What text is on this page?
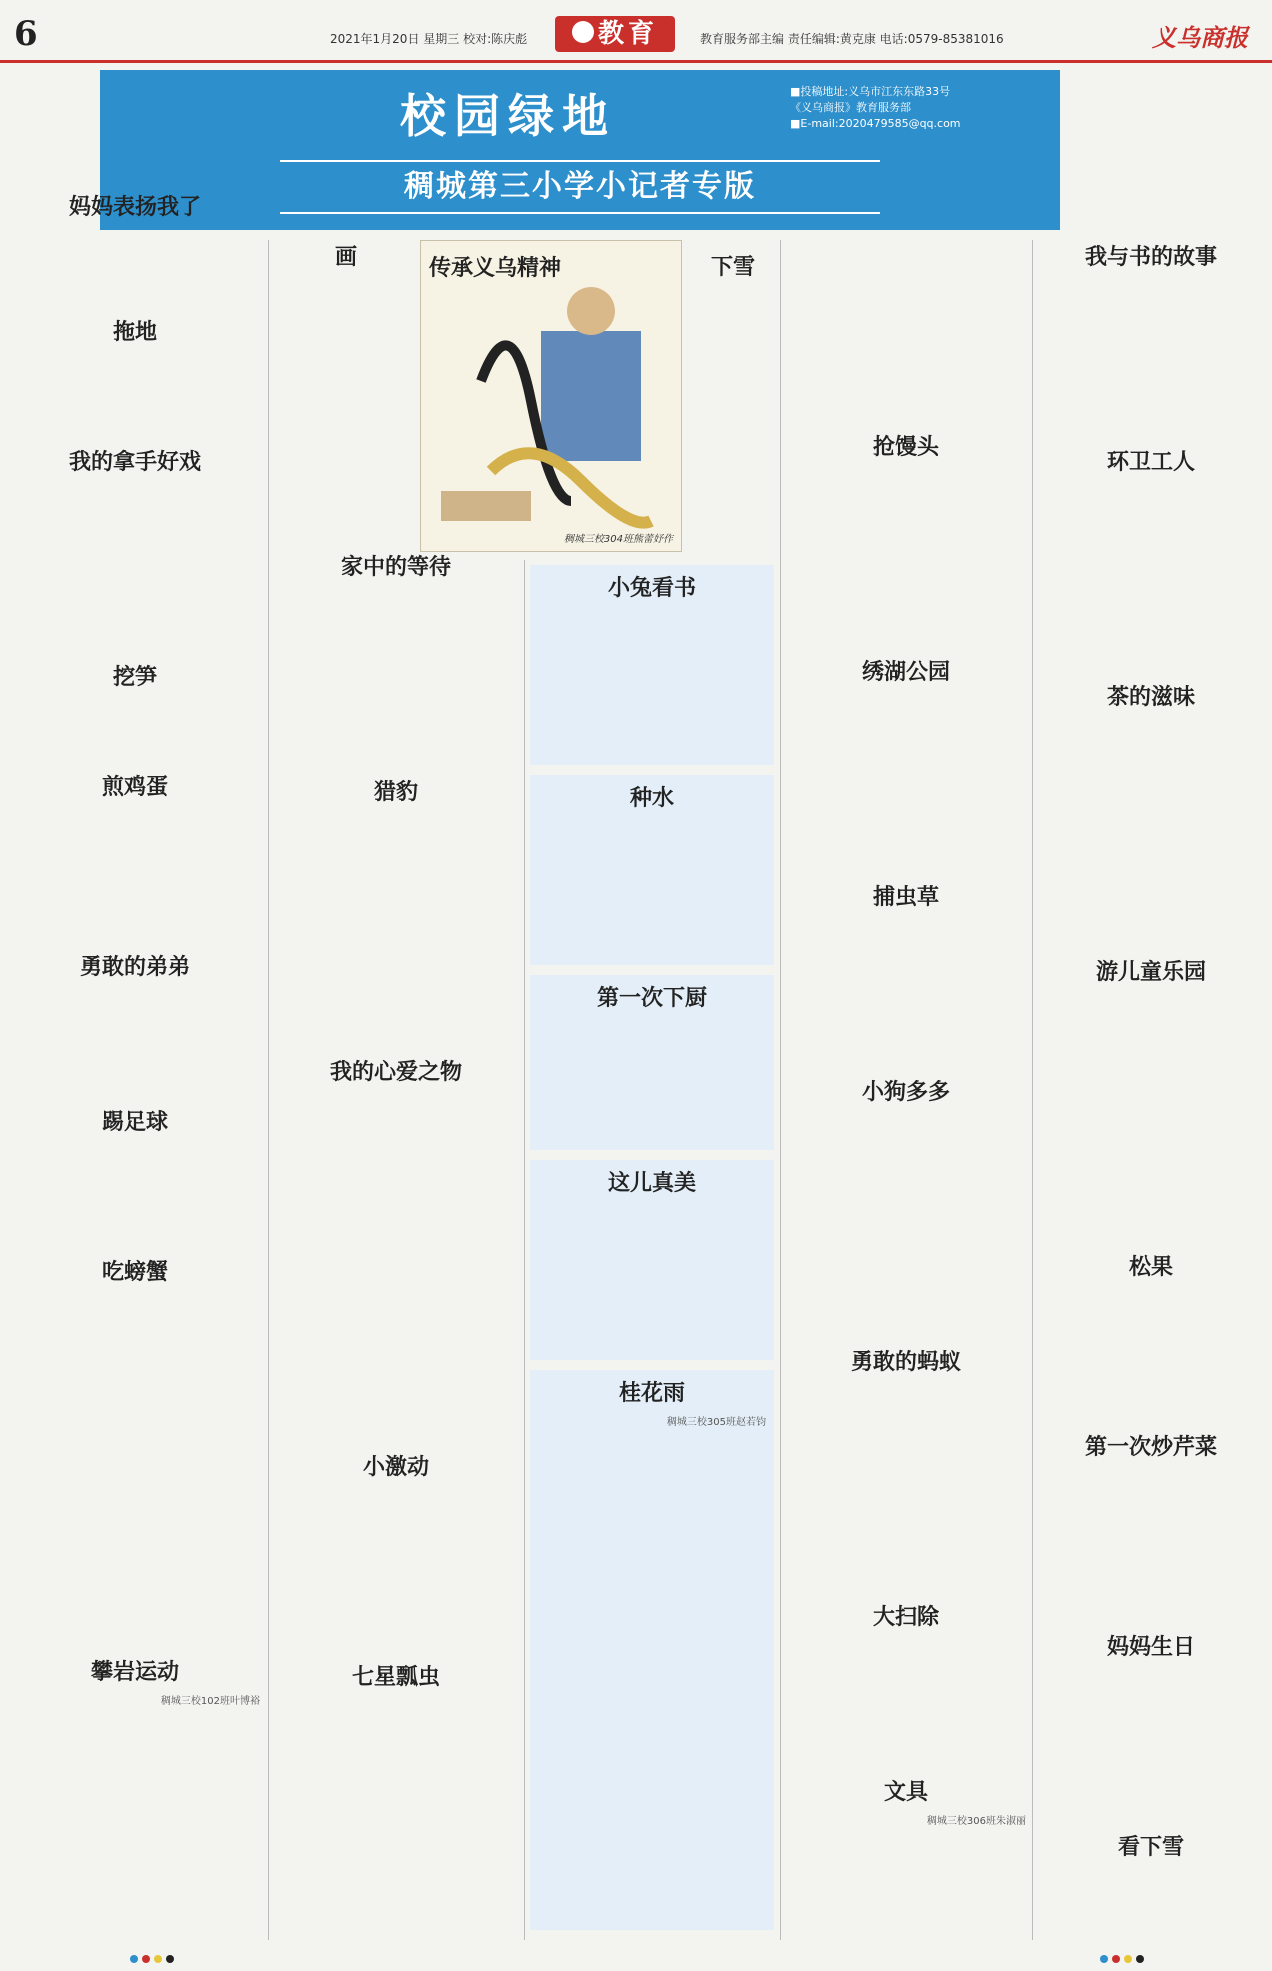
6	2021年1月20日 星期三 校对:陈庆彪	教育	教育服务部主编 责任编辑:黄克康 电话:0579-85381016	义乌商报
校园绿地	■投稿地址:义乌市江东东路33号
《义乌商报》教育服务部
■E-mail:2020479585@qq.com
稠城第三小学小记者专版
传承义乌精神
稠城三校304班熊蕾妤作
妈妈表扬我了
拖地
我的拿手好戏
挖笋
煎鸡蛋
勇敢的弟弟
踢足球
吃螃蟹
攀岩运动
稠城三校102班叶博裕
画
家中的等待
猎豹
我的心爱之物
小激动
七星瓢虫
小兔看书
种水
第一次下厨
这儿真美
桂花雨
稠城三校305班赵若钧
下雪
抢馒头
绣湖公园
捕虫草
小狗多多
勇敢的蚂蚁
大扫除
文具
稠城三校306班朱淑丽
我与书的故事
环卫工人
茶的滋味
游儿童乐园
松果
第一次炒芹菜
妈妈生日
看下雪
